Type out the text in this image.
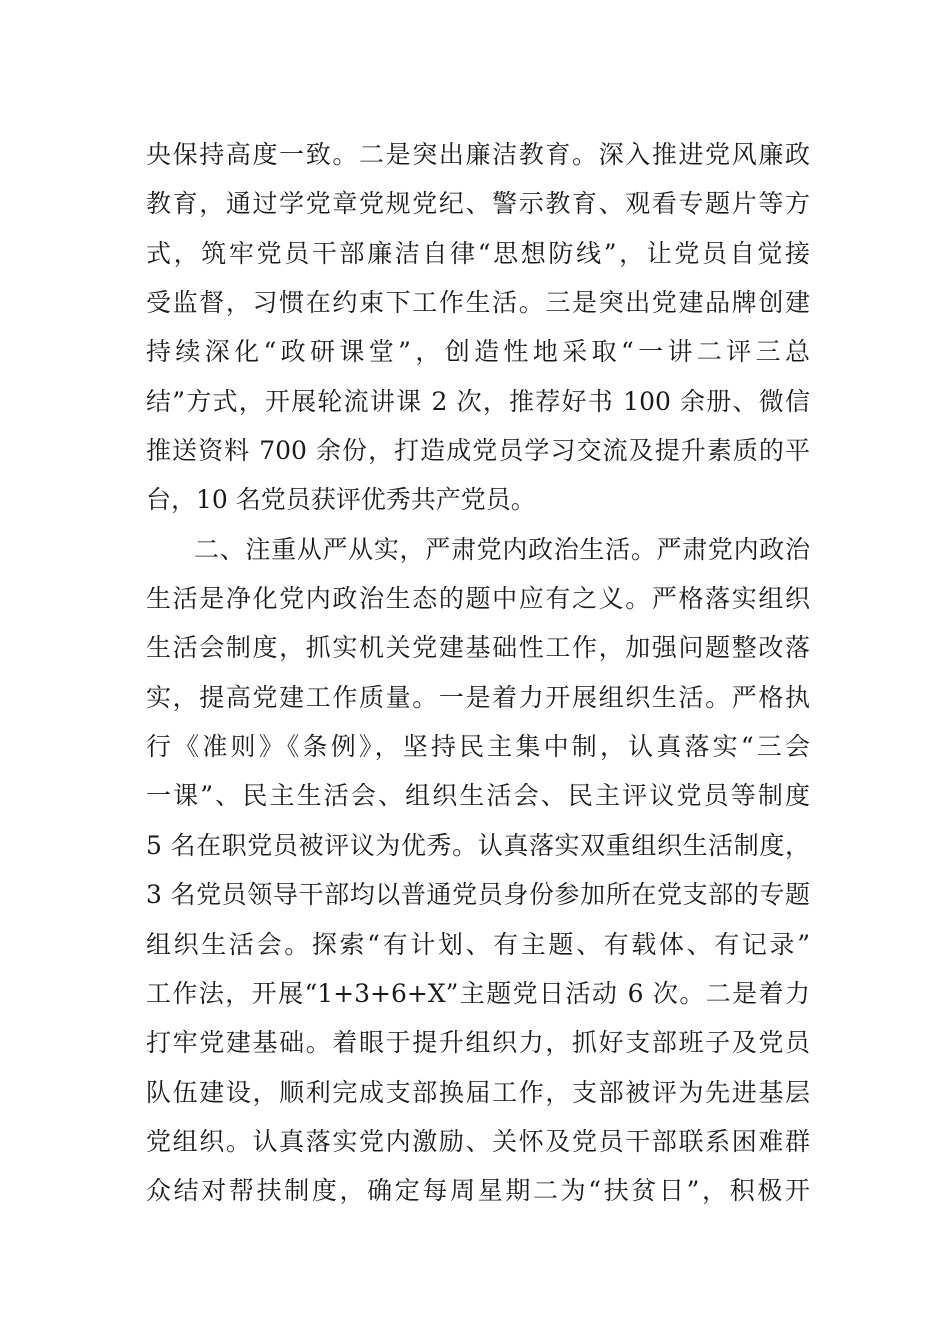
央保持高度一致。二是突出廉洁教育。深入推进党风廉政
教育，通过学党章党规党纪、警示教育、观看专题片等方
式，筑牢党员干部廉洁自律“思想防线”，让党员自觉接
受监督，习惯在约束下工作生活。三是突出党建品牌创建
持续深化“政研课堂”，创造性地采取“一讲二评三总
结”方式，开展轮流讲课 2 次，推荐好书 100 余册、微信
推送资料 700 余份，打造成党员学习交流及提升素质的平
台，10 名党员获评优秀共产党员。
二、注重从严从实，严肃党内政治生活。严肃党内政治
生活是净化党内政治生态的题中应有之义。严格落实组织
生活会制度，抓实机关党建基础性工作，加强问题整改落
实，提高党建工作质量。一是着力开展组织生活。严格执
行《准则》《条例》，坚持民主集中制，认真落实“三会
一课”、民主生活会、组织生活会、民主评议党员等制度
5 名在职党员被评议为优秀。认真落实双重组织生活制度，
3 名党员领导干部均以普通党员身份参加所在党支部的专题
组织生活会。探索“有计划、有主题、有载体、有记录”
工作法，开展“1+3+6+X”主题党日活动 6 次。二是着力
打牢党建基础。着眼于提升组织力，抓好支部班子及党员
队伍建设，顺利完成支部换届工作，支部被评为先进基层
党组织。认真落实党内激励、关怀及党员干部联系困难群
众结对帮扶制度，确定每周星期二为“扶贫日”，积极开
